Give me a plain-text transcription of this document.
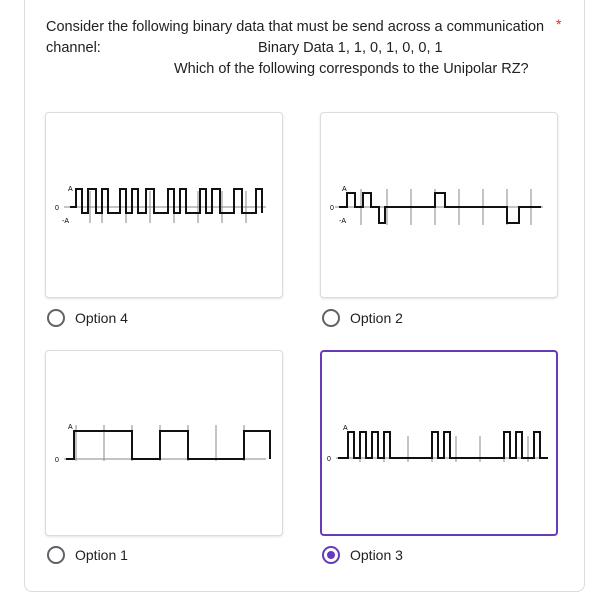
Consider the following binary data that must be send across a communication
channel:	Binary Data 1, 1, 0, 1, 0, 0, 1
Which of the following corresponds to the Unipolar RZ?
*
A
0
-A
A
0
-A
A
0
A
0
Option 4	Option 2
Option 1	Option 3
